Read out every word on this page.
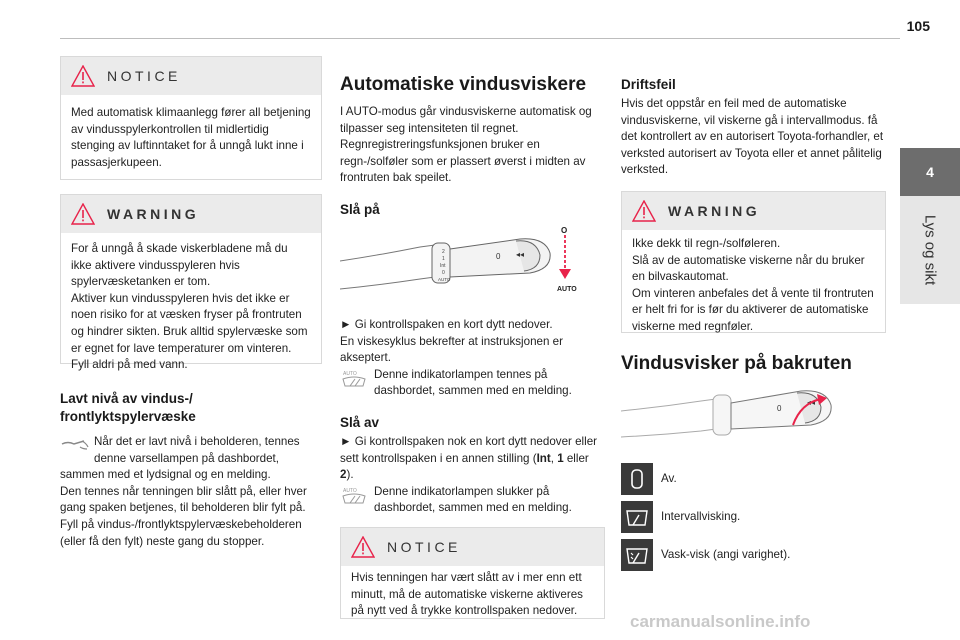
105
4
Lys og sikt
NOTICE
Med automatisk klimaanlegg fører all betjening av vindusspylerkontrollen til midlertidig stenging av luftinntaket for å unngå lukt inne i passasjerkupeen.
WARNING

For å unngå å skade viskerbladene må du ikke aktivere vindusspyleren hvis spylervæsketanken er tom.

Aktiver kun vindusspyleren hvis det ikke er noen risiko for at væsken fryser på frontruten og hindrer sikten. Bruk alltid spylervæske som er egnet for lave temperaturer om vinteren.

Fyll aldri på med vann.

Lavt nivå av vindus-/
frontlyktspylervæske

Når det er lavt nivå i beholderen, tennes denne varsellampen på dashbordet,

sammen med et lydsignal og en melding.

Den tennes når tenningen blir slått på, eller hver gang spaken betjenes, til beholderen blir fylt på.

Fyll på vindus-/frontlyktspylervæskebeholderen (eller få den fylt) neste gang du stopper.

Automatiske vindusviskere

I AUTO-modus går vindusviskerne automatisk og tilpasser seg intensiteten til regnet.

Regnregistreringsfunksjonen bruker en regn-/solføler som er plassert øverst i midten av frontruten bak speilet.

Slå på
2
1
Int
0
AUTO
0 ◂◂
O
AUTO

► Gi kontrollspaken en kort dytt nedover.

En viskesyklus bekrefter at instruksjonen er akseptert.

AUTO Denne indikatorlampen tennes på dashbordet, sammen med en melding.

Slå av

► Gi kontrollspaken nok en kort dytt nedover eller sett kontrollspaken i en annen stilling (Int, 1 eller 2).

AUTO Denne indikatorlampen slukker på dashbordet, sammen med en melding.

NOTICE
Hvis tenningen har vært slått av i mer enn ett minutt, må de automatiske viskerne aktiveres på nytt ved å trykke kontrollspaken nedover.
Driftsfeil

Hvis det oppstår en feil med de automatiske vindusviskerne, vil viskerne gå i intervallmodus. få det kontrollert av en autorisert Toyota-forhandler, et verksted autorisert av Toyota eller et annet pålitelig verksted.

WARNING

Ikke dekk til regn-/solføleren.

Slå av de automatiske viskerne når du bruker en bilvaskautomat.

Om vinteren anbefales det å vente til frontruten er helt fri for is før du aktiverer de automatiske viskerne med regnføler.

Vindusvisker på bakruten
0
◂◂
Av.
Intervallvisking.
Vask-visk (angi varighet).
carmanualsonline.info
